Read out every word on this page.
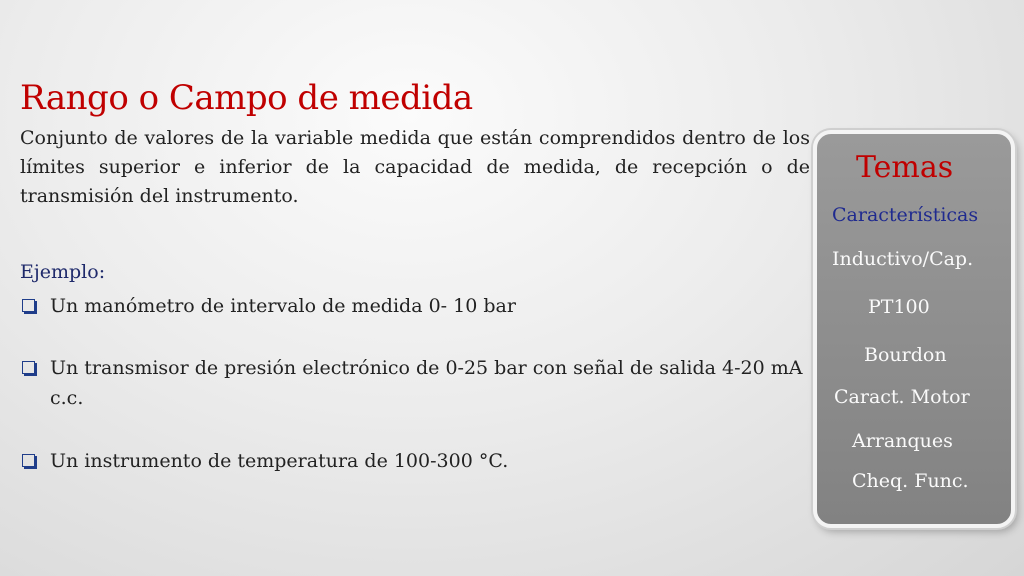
Rango o Campo de medida

Conjunto de valores de la variable medida que están comprendidos dentro de los límites superior e inferior de la capacidad de medida, de recepción o de transmisión del instrumento.

Ejemplo:
Un manómetro de intervalo de medida 0- 10 bar
Un transmisor de presión electrónico de 0-25 bar con señal de salida 4-20 mA c.c.
Un instrumento de temperatura de 100-300 °C.
Temas
Características
Inductivo/Cap.
PT100
Bourdon
Caract. Motor
Arranques
Cheq. Func.
